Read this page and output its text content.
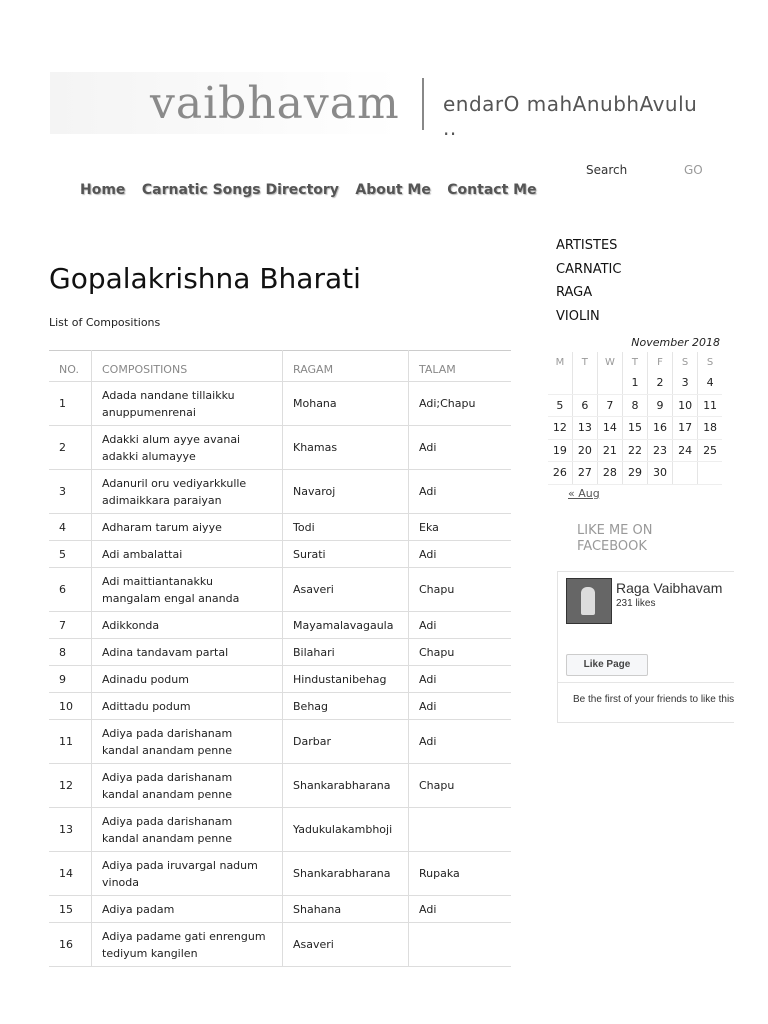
vaibhavam endarO mahAnubhAvulu ..
Search	GO
Home Carnatic Songs Directory About Me Contact Me
Gopalakrishna Bharati
List of Compositions
NO.	COMPOSITIONS	RAGAM	TALAM
1	Adada nandane tillaikku
anuppumenrenai	Mohana	Adi;Chapu
2	Adakki alum ayye avanai
adakki alumayye	Khamas	Adi
3	Adanuril oru vediyarkkulle
adimaikkara paraiyan	Navaroj	Adi
4	Adharam tarum aiyye	Todi	Eka
5	Adi ambalattai	Surati	Adi
6	Adi maittiantanakku
mangalam engal ananda	Asaveri	Chapu
7	Adikkonda	Mayamalavagaula	Adi
8	Adina tandavam partal	Bilahari	Chapu
9	Adinadu podum	Hindustanibehag	Adi
10	Adittadu podum	Behag	Adi
11	Adiya pada darishanam
kandal anandam penne	Darbar	Adi
12	Adiya pada darishanam
kandal anandam penne	Shankarabharana	Chapu
13	Adiya pada darishanam
kandal anandam penne	Yadukulakambhoji	
14	Adiya pada iruvargal nadum
vinoda	Shankarabharana	Rupaka
15	Adiya padam	Shahana	Adi
16	Adiya padame gati enrengum
tediyum kangilen	Asaveri	
ARTISTES
CARNATIC
RAGA
VIOLIN
November 2018
M	T	W	T	F	S	S
			1	2	3	4
5	6	7	8	9	10	11
12	13	14	15	16	17	18
19	20	21	22	23	24	25
26	27	28	29	30		
« Aug
LIKE ME ON FACEBOOK
Raga Vaibhavam
231 likes
Like Page
Be the first of your friends to like this
